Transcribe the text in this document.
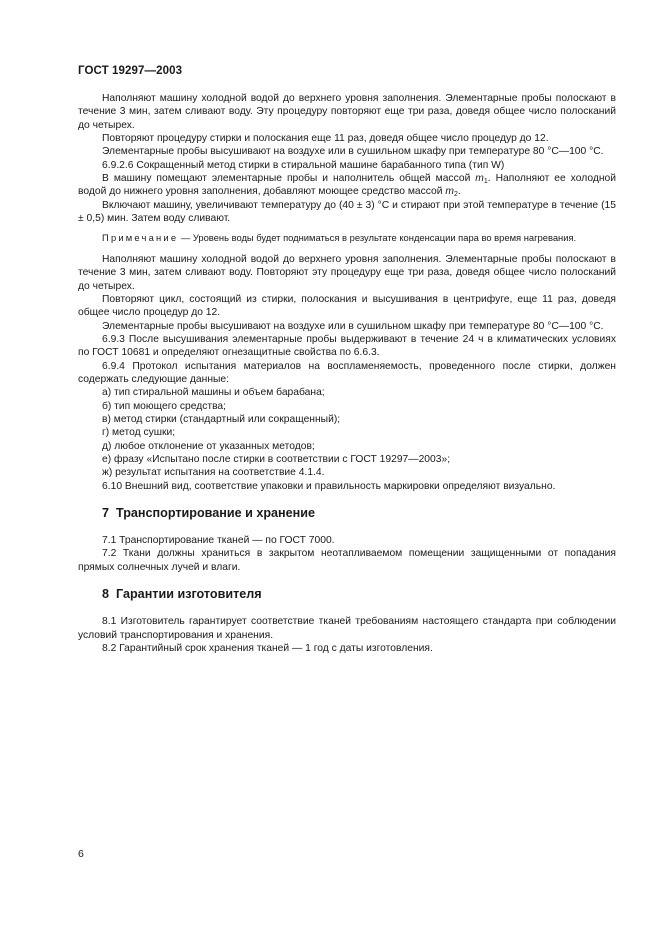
ГОСТ 19297—2003

Наполняют машину холодной водой до верхнего уровня заполнения. Элементарные пробы полоскают в течение 3 мин, затем сливают воду. Эту процедуру повторяют еще три раза, доведя общее число полосканий до четырех.

Повторяют процедуру стирки и полоскания еще 11 раз, доведя общее число процедур до 12.

Элементарные пробы высушивают на воздухе или в сушильном шкафу при температуре 80 °С—100 °С.

6.9.2.6 Сокращенный метод стирки в стиральной машине барабанного типа (тип W)

В машину помещают элементарные пробы и наполнитель общей массой $m_1$. Наполняют ее холодной водой до нижнего уровня заполнения, добавляют моющее средство массой $m_2$.

Включают машину, увеличивают температуру до (40 ± 3) °С и стирают при этой температуре в течение (15 ± 0,5) мин. Затем воду сливают.

Примечание — Уровень воды будет подниматься в результате конденсации пара во время нагревания.

Наполняют машину холодной водой до верхнего уровня заполнения. Элементарные пробы полоскают в течение 3 мин, затем сливают воду. Повторяют эту процедуру еще три раза, доведя общее число полосканий до четырех.

Повторяют цикл, состоящий из стирки, полоскания и высушивания в центрифуге, еще 11 раз, доведя общее число процедур до 12.

Элементарные пробы высушивают на воздухе или в сушильном шкафу при температуре 80 °С—100 °С.

6.9.3 После высушивания элементарные пробы выдерживают в течение 24 ч в климатических условиях по ГОСТ 10681 и определяют огнезащитные свойства по 6.6.3.

6.9.4 Протокол испытания материалов на воспламеняемость, проведенного после стирки, должен содержать следующие данные:

а) тип стиральной машины и объем барабана;

б) тип моющего средства;

в) метод стирки (стандартный или сокращенный);

г) метод сушки;

д) любое отклонение от указанных методов;

е) фразу «Испытано после стирки в соответствии с ГОСТ 19297—2003»;

ж) результат испытания на соответствие 4.1.4.

6.10 Внешний вид, соответствие упаковки и правильность маркировки определяют визуально.

7 Транспортирование и хранение

7.1 Транспортирование тканей — по ГОСТ 7000.

7.2 Ткани должны храниться в закрытом неотапливаемом помещении защищенными от попадания прямых солнечных лучей и влаги.

8 Гарантии изготовителя

8.1 Изготовитель гарантирует соответствие тканей требованиям настоящего стандарта при соблюдении условий транспортирования и хранения.

8.2 Гарантийный срок хранения тканей — 1 год с даты изготовления.

6
